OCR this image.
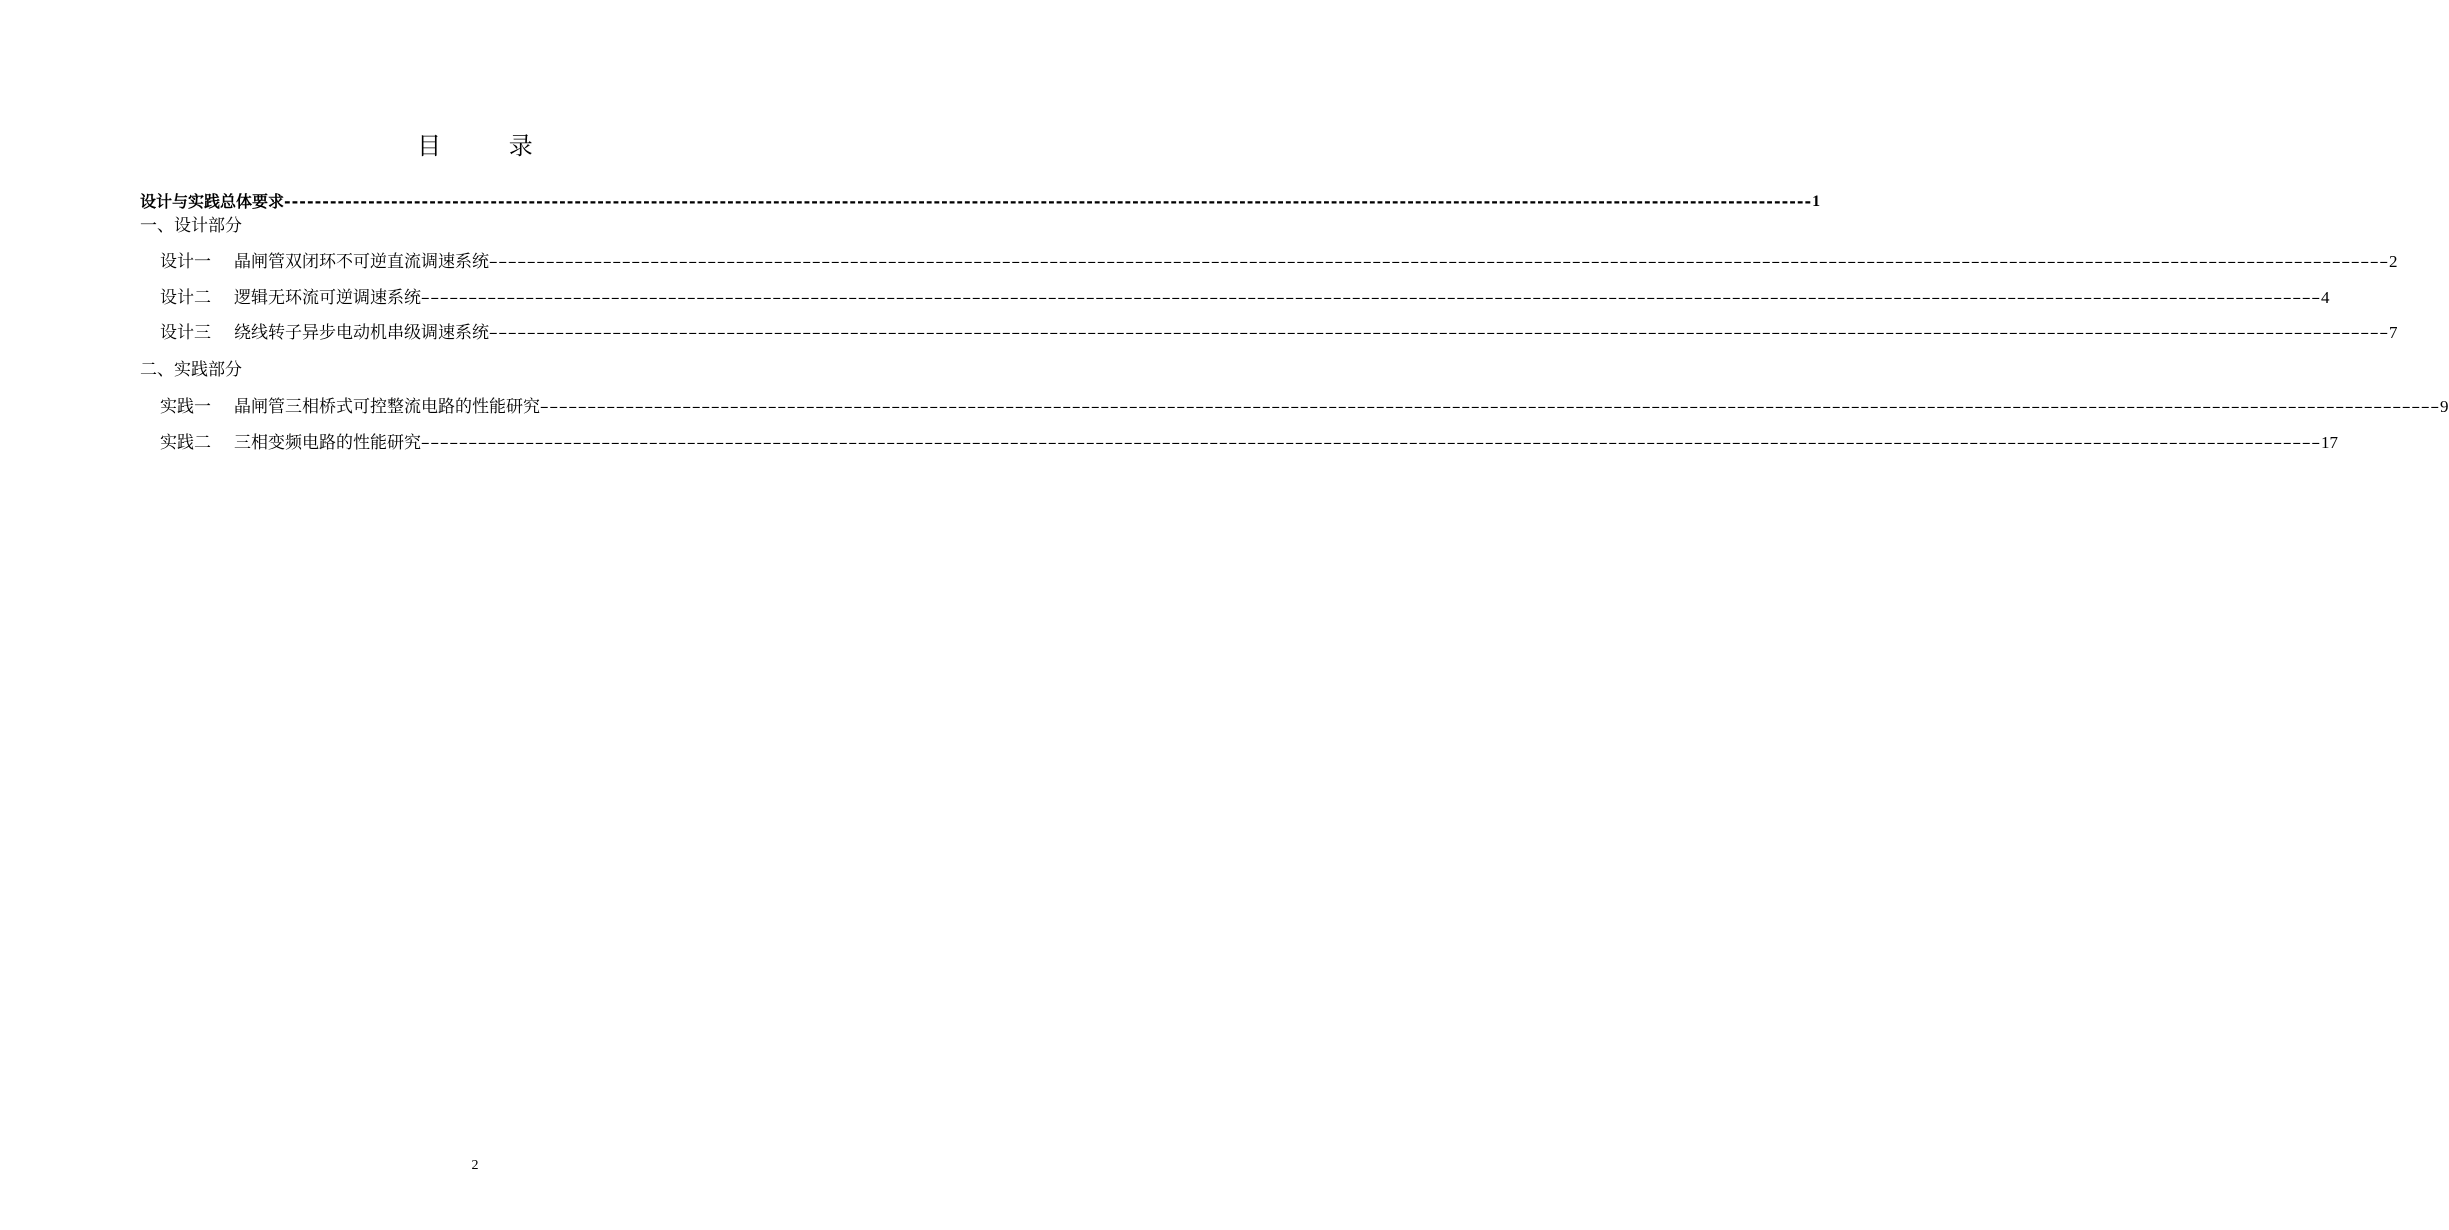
目 录
设计与实践总体要求 -------------------------------------------------------------------------------------------------------------------------------------------------------------------------------------------------------- 1
一、设计部分
设计一	晶闸管双闭环不可逆直流调速系统 –––––––––––––––––––––––––––––––––––––––––––––––––––––––––––––––––––––––––––––––––––––––––––––––––––––––––––––––––––––––––––––––––––––––––––––––––––––––––––––––––––––––––––––––––––––––––––––––––––––––– 2
设计二	逻辑无环流可逆调速系统 –––––––––––––––––––––––––––––––––––––––––––––––––––––––––––––––––––––––––––––––––––––––––––––––––––––––––––––––––––––––––––––––––––––––––––––––––––––––––––––––––––––––––––––––––––––––––––––––––––––––– 4
设计三	绕线转子异步电动机串级调速系统 –––––––––––––––––––––––––––––––––––––––––––––––––––––––––––––––––––––––––––––––––––––––––––––––––––––––––––––––––––––––––––––––––––––––––––––––––––––––––––––––––––––––––––––––––––––––––––––––––––––––– 7
二、实践部分
实践一	晶闸管三相桥式可控整流电路的性能研究 –––––––––––––––––––––––––––––––––––––––––––––––––––––––––––––––––––––––––––––––––––––––––––––––––––––––––––––––––––––––––––––––––––––––––––––––––––––––––––––––––––––––––––––––––––––––––––––––––––––––– 9
实践二	三相变频电路的性能研究 –––––––––––––––––––––––––––––––––––––––––––––––––––––––––––––––––––––––––––––––––––––––––––––––––––––––––––––––––––––––––––––––––––––––––––––––––––––––––––––––––––––––––––––––––––––––––––––––––––––––– 17
2
